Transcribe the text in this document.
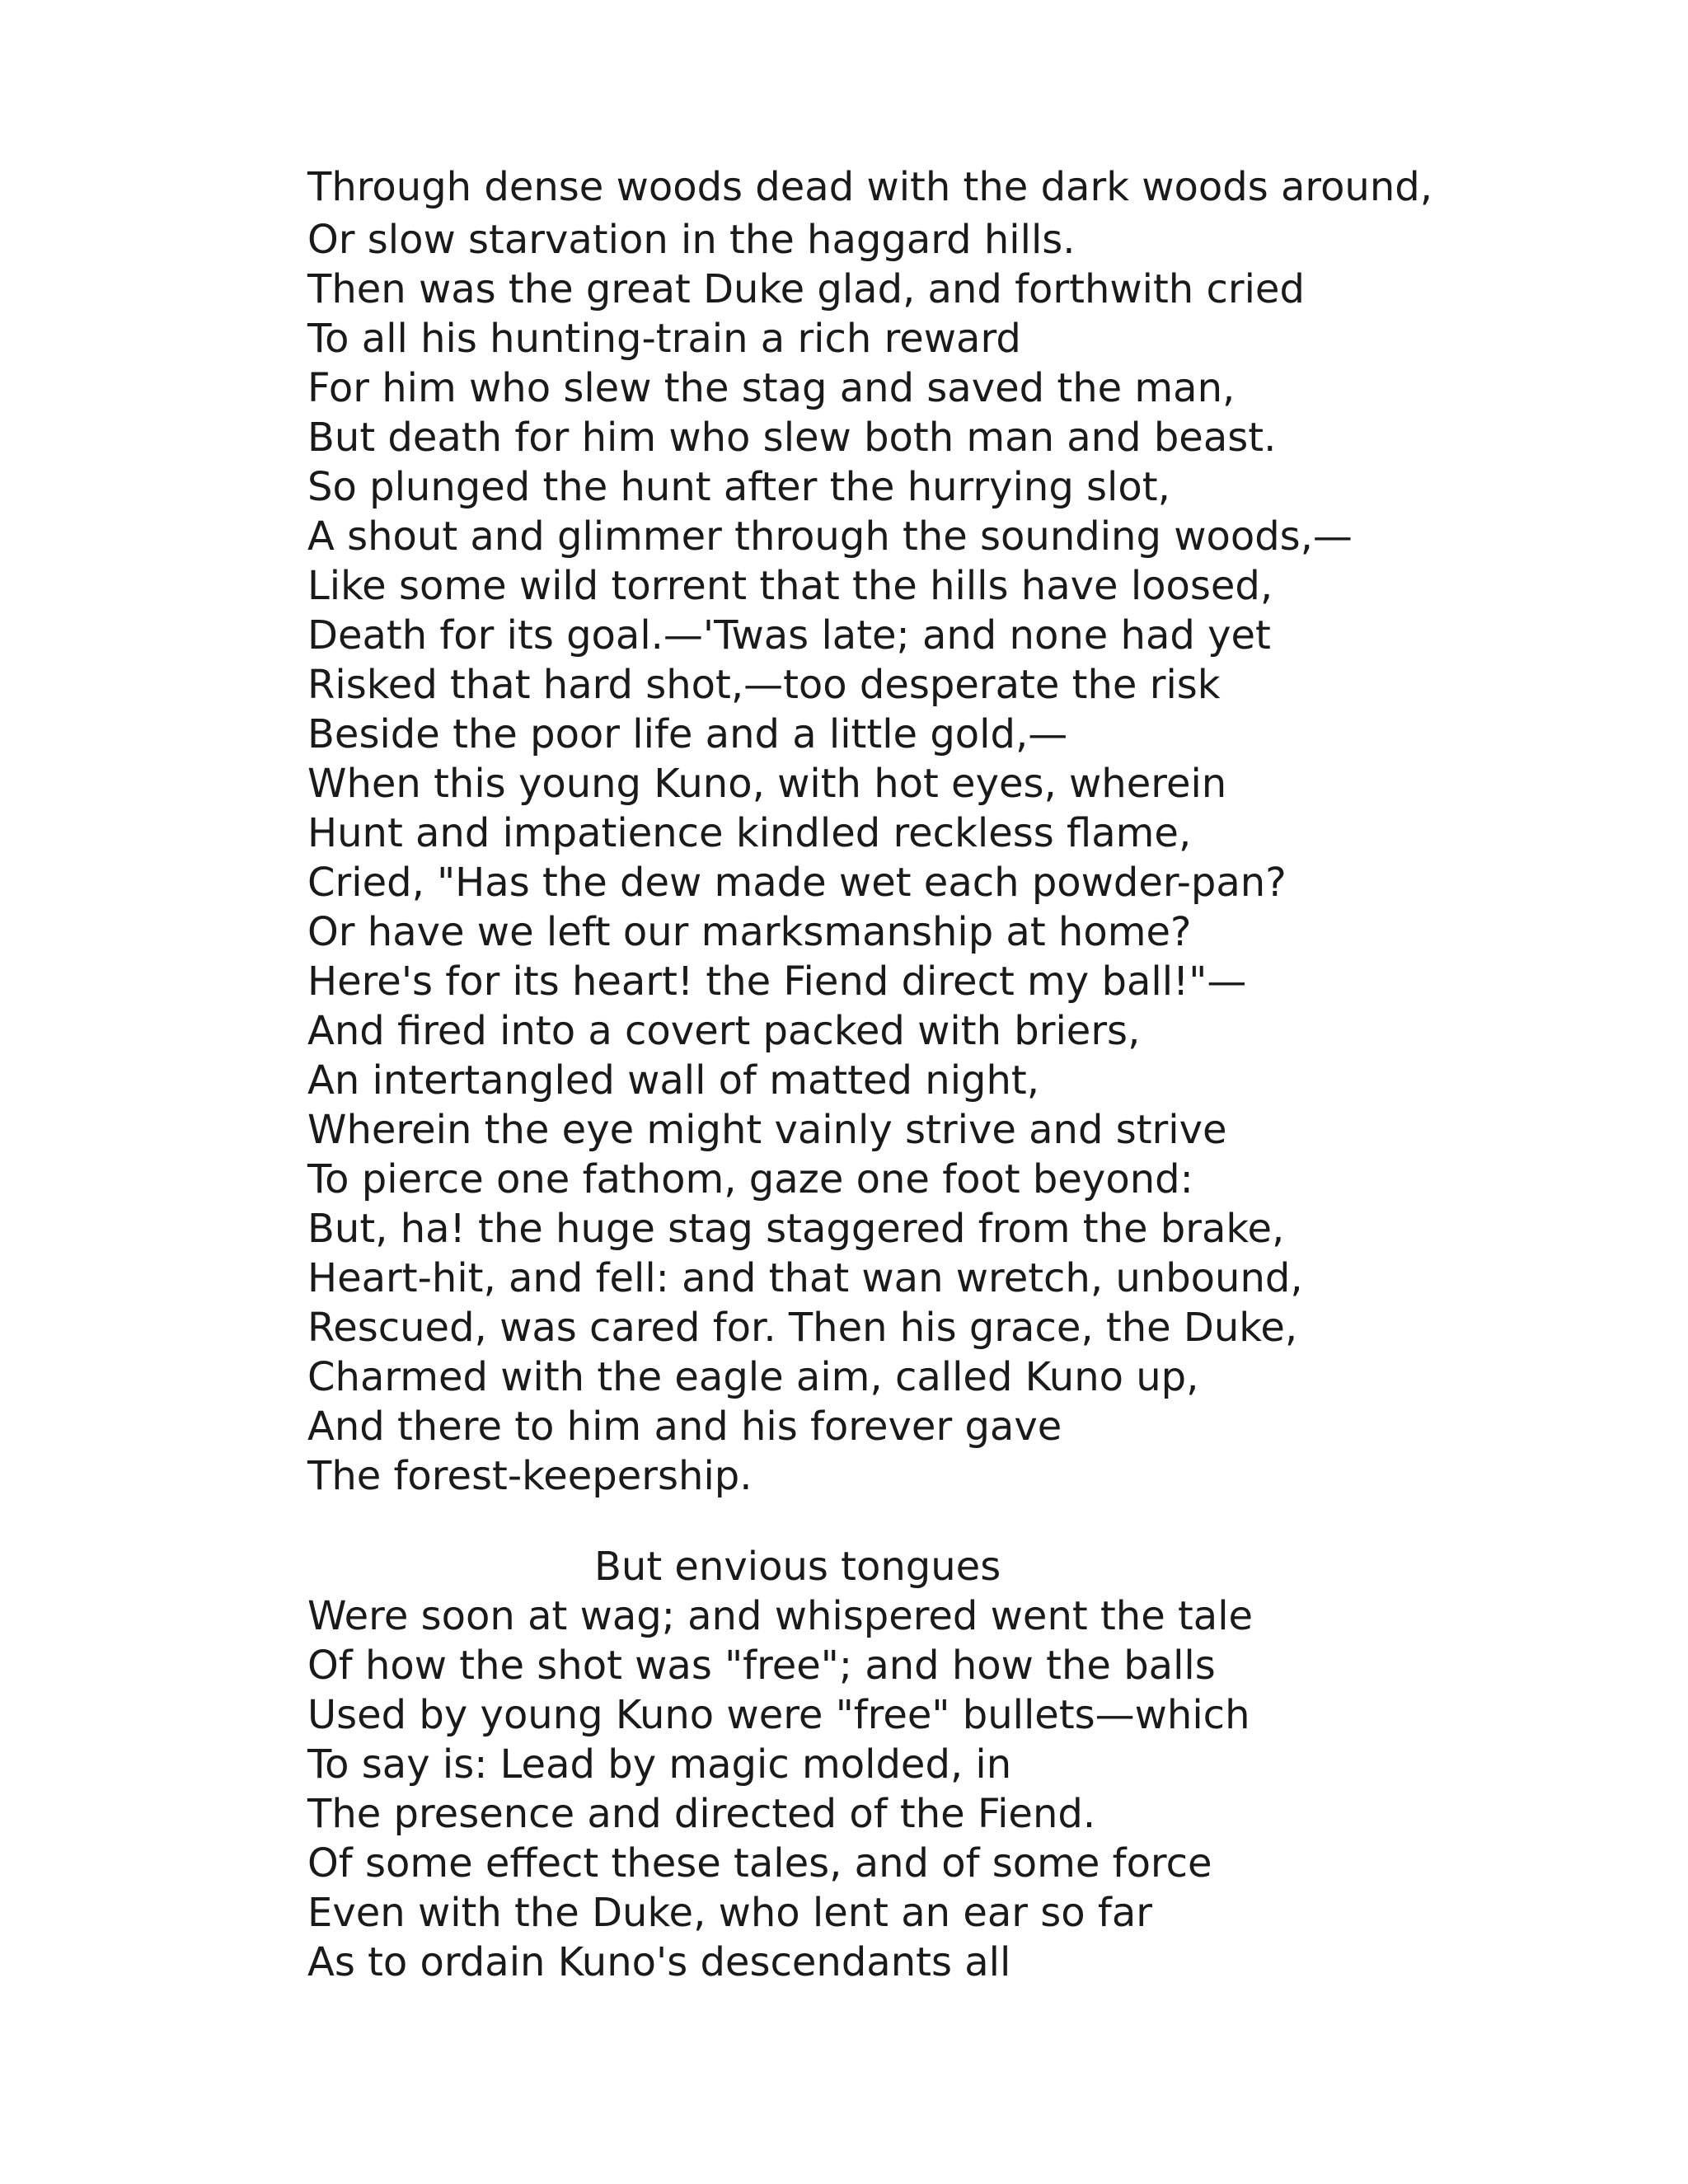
Through dense woods dead with the dark woods around,
Or slow starvation in the haggard hills.
Then was the great Duke glad, and forthwith cried
To all his hunting-train a rich reward
For him who slew the stag and saved the man,
But death for him who slew both man and beast.
So plunged the hunt after the hurrying slot,
A shout and glimmer through the sounding woods,—
Like some wild torrent that the hills have loosed,
Death for its goal.—'Twas late; and none had yet
Risked that hard shot,—too desperate the risk
Beside the poor life and a little gold,—
When this young Kuno, with hot eyes, wherein
Hunt and impatience kindled reckless flame,
Cried, "Has the dew made wet each powder-pan?
Or have we left our marksmanship at home?
Here's for its heart! the Fiend direct my ball!"—
And fired into a covert packed with briers,
An intertangled wall of matted night,
Wherein the eye might vainly strive and strive
To pierce one fathom, gaze one foot beyond:
But, ha! the huge stag staggered from the brake,
Heart-hit, and fell: and that wan wretch, unbound,
Rescued, was cared for. Then his grace, the Duke,
Charmed with the eagle aim, called Kuno up,
And there to him and his forever gave
The forest-keepership.
But envious tongues
Were soon at wag; and whispered went the tale
Of how the shot was "free"; and how the balls
Used by young Kuno were "free" bullets—which
To say is: Lead by magic molded, in
The presence and directed of the Fiend.
Of some effect these tales, and of some force
Even with the Duke, who lent an ear so far
As to ordain Kuno's descendants all
